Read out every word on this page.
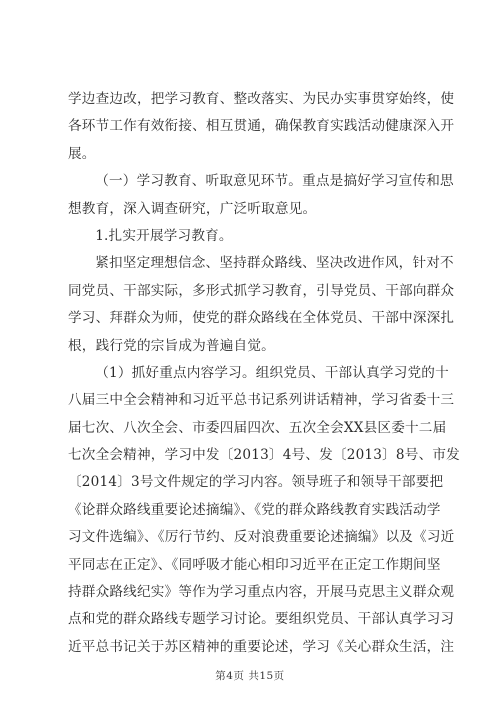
学边查边改，把学习教育、整改落实、为民办实事贯穿始终，使
各环节工作有效衔接、相互贯通，确保教育实践活动健康深入开
展。
（一）学习教育、听取意见环节。重点是搞好学习宣传和思
想教育，深入调查研究，广泛听取意见。
1.扎实开展学习教育。
紧扣坚定理想信念、坚持群众路线、坚决改进作风，针对不
同党员、干部实际，多形式抓学习教育，引导党员、干部向群众
学习、拜群众为师，使党的群众路线在全体党员、干部中深深扎
根，践行党的宗旨成为普遍自觉。
（1）抓好重点内容学习。组织党员、干部认真学习党的十
八届三中全会精神和习近平总书记系列讲话精神，学习省委十三
届七次、八次全会、市委四届四次、五次全会XX县区委十二届
七次全会精神，学习中发〔2013〕4号、发〔2013〕8号、市发
〔2014〕3号文件规定的学习内容。领导班子和领导干部要把
《论群众路线重要论述摘编》、《党的群众路线教育实践活动学
习文件选编》、《厉行节约、反对浪费重要论述摘编》以及《习近
平同志在正定》、《同呼吸才能心相印习近平在正定工作期间坚
持群众路线纪实》等作为学习重点内容，开展马克思主义群众观
点和党的群众路线专题学习讨论。要组织党员、干部认真学习习
近平总书记关于苏区精神的重要论述，学习《关心群众生活，注
第4页 共15页
